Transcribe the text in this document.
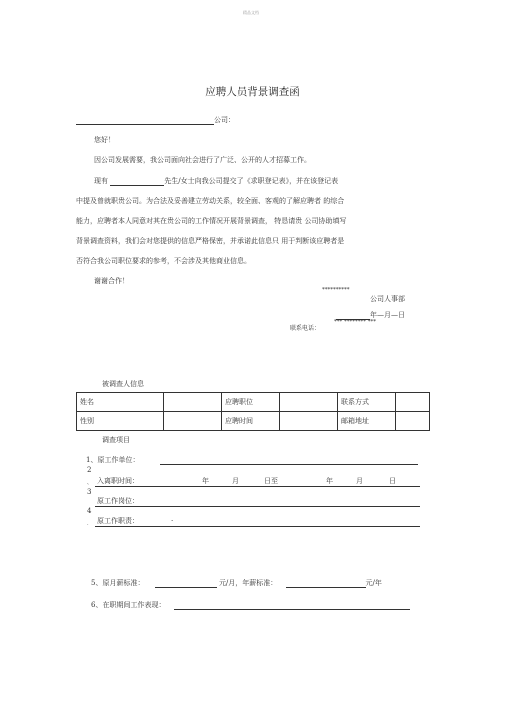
精品文档
应聘人员背景调查函
公司：
您好！
因公司发展需要，我公司面向社会进行了广泛、公开的人才招募工作。
现有	先生/女士向我公司提交了《求职登记表》，并在该登记表
中提及曾就职贵公司。为合法及妥善建立劳动关系，较全面、客观的了解应聘者 的综合
能力，应聘者本人同意对其在贵公司的工作情况开展背景调查， 特恳请贵 公司协助填写
背景调查资料，我们会对您提供的信息严格保密，并承诺此信息只 用于判断该应聘者是
否符合我公司职位要求的参考，不会涉及其他商业信息。
谢谢合作！
**********
公司人事部
年—月—日
联系电话：
*** ******** ***
被调查人信息
姓名		应聘职位		联系方式	
性别		应聘时间		邮箱地址	
调查项目
1、原工作单位：
2
、 入离职时间：	年	月	日至	年	月	日
3
原工作岗位：
4
. 原工作职责：	.
5、原月薪标准：	元/月，年薪标准：	元/年
6、在职期间工作表现：
